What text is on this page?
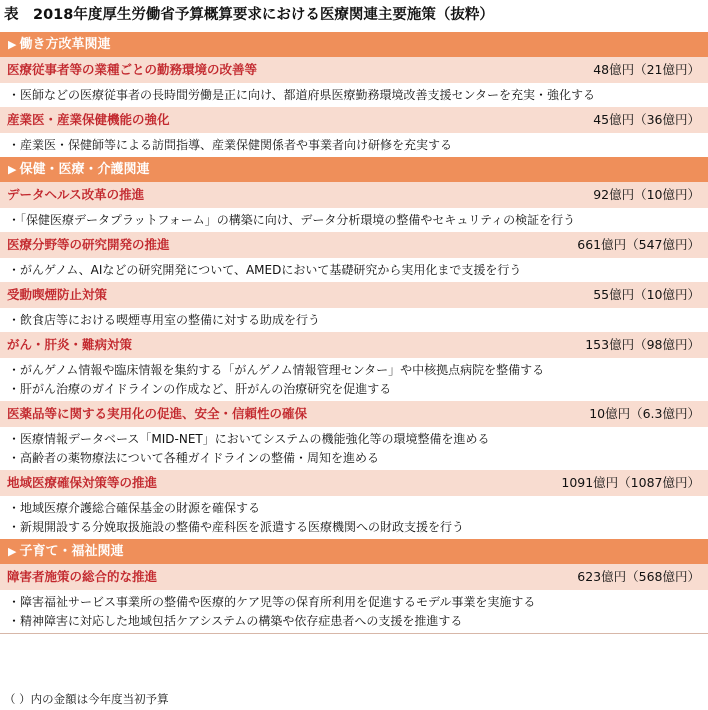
表　2018年度厚生労働省予算概算要求における医療関連主要施策（抜粋）
▶ 働き方改革関連
医療従事者等の業種ごとの勤務環境の改善等	48億円（21億円）
・医師などの医療従事者の長時間労働是正に向け、都道府県医療勤務環境改善支援センターを充実・強化する
産業医・産業保健機能の強化	45億円（36億円）
・産業医・保健師等による訪問指導、産業保健関係者や事業者向け研修を充実する
▶ 保健・医療・介護関連
データヘルス改革の推進	92億円（10億円）
・「保健医療データプラットフォーム」の構築に向け、データ分析環境の整備やセキュリティの検証を行う
医療分野等の研究開発の推進	661億円（547億円）
・がんゲノム、AIなどの研究開発について、AMEDにおいて基礎研究から実用化まで支援を行う
受動喫煙防止対策	55億円（10億円）
・飲食店等における喫煙専用室の整備に対する助成を行う
がん・肝炎・難病対策	153億円（98億円）
・がんゲノム情報や臨床情報を集約する「がんゲノム情報管理センター」や中核拠点病院を整備する
・肝がん治療のガイドラインの作成など、肝がんの治療研究を促進する
医薬品等に関する実用化の促進、安全・信頼性の確保	10億円（6.3億円）
・医療情報データベース「MID-NET」においてシステムの機能強化等の環境整備を進める
・高齢者の薬物療法について各種ガイドラインの整備・周知を進める
地域医療確保対策等の推進	1091億円（1087億円）
・地域医療介護総合確保基金の財源を確保する
・新規開設する分娩取扱施設の整備や産科医を派遣する医療機関への財政支援を行う
▶ 子育て・福祉関連
障害者施策の総合的な推進	623億円（568億円）
・障害福祉サービス事業所の整備や医療的ケア児等の保育所利用を促進するモデル事業を実施する
・精神障害に対応した地域包括ケアシステムの構築や依存症患者への支援を推進する
（ ）内の金額は今年度当初予算
